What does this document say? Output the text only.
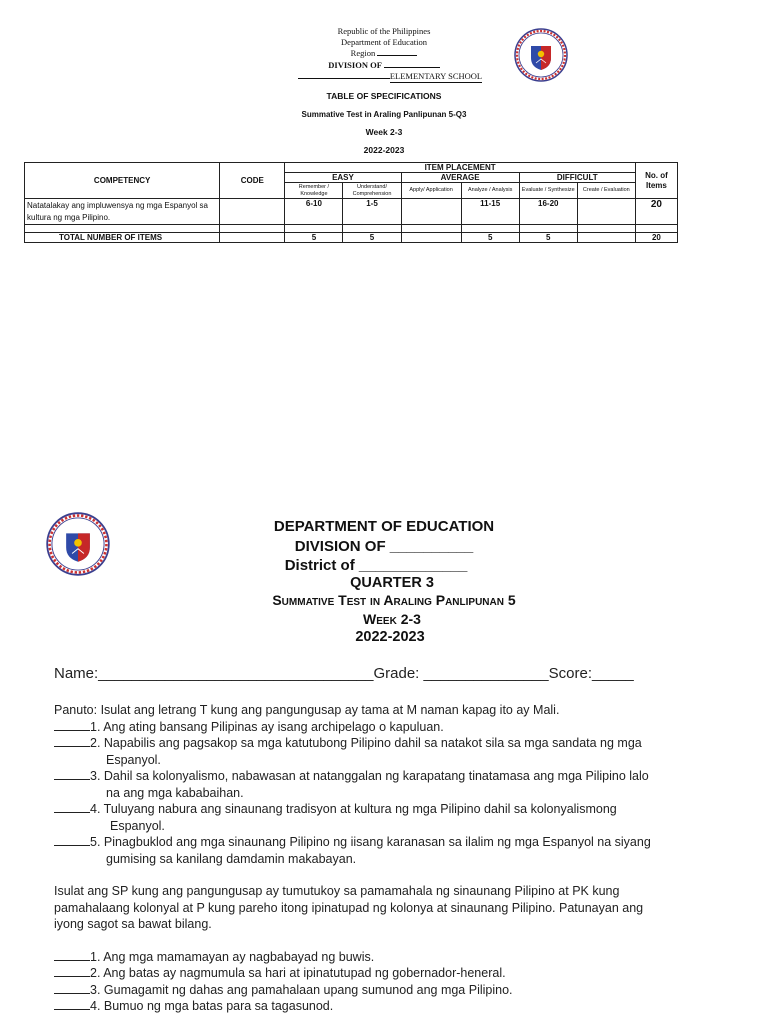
Republic of the Philippines
Department of Education
Region
DIVISION OF
ELEMENTARY SCHOOL
TABLE OF SPECIFICATIONS
Summative Test in Araling Panlipunan 5-Q3
Week 2-3
2022-2023
COMPETENCY	CODE	ITEM PLACEMENT						No. of Items
		EASY		AVERAGE		DIFFICULT		
		Remember / Knowledge	Understand/ Comprehension	Apply/ Application	Analyze / Analysis	Evaluate / Synthesize	Create / Evaluation	
Natatalakay ang impluwensya ng mga Espanyol sa kultura ng mga Pilipino.		6-10	1-5		11-15	16-20		20

TOTAL NUMBER OF ITEMS		5	5		5	5		20
DEPARTMENT OF EDUCATION
DIVISION OF __________
District of _____________
QUARTER 3
Summative Test in Araling Panlipunan 5
Week 2-3
2022-2023
Name:_________________________________Grade: _______________Score:_____
Panuto: Isulat ang letrang T kung ang pangungusap ay tama at M naman kapag ito ay Mali.
1. Ang ating bansang Pilipinas ay isang archipelago o kapuluan.
2. Napabilis ang pagsakop sa mga katutubong Pilipino dahil sa natakot sila sa mga sandata ng mga
Espanyol.
3. Dahil sa kolonyalismo, nabawasan at natanggalan ng karapatang tinatamasa ang mga Pilipino lalo
na ang mga kababaihan.
4. Tuluyang nabura ang sinaunang tradisyon at kultura ng mga Pilipino dahil sa kolonyalismong
Espanyol.
5. Pinagbuklod ang mga sinaunang Pilipino ng iisang karanasan sa ilalim ng mga Espanyol na siyang
gumising sa kanilang damdamin makabayan.
Isulat ang SP kung ang pangungusap ay tumutukoy sa pamamahala ng sinaunang Pilipino at PK kung
pamahalaang kolonyal at P kung pareho itong ipinatupad ng kolonya at sinaunang Pilipino. Patunayan ang
iyong sagot sa bawat bilang.
1. Ang mga mamamayan ay nagbabayad ng buwis.
2. Ang batas ay nagmumula sa hari at ipinatutupad ng gobernador-heneral.
3. Gumagamit ng dahas ang pamahalaan upang sumunod ang mga Pilipino.
4. Bumuo ng mga batas para sa tagasunod.
